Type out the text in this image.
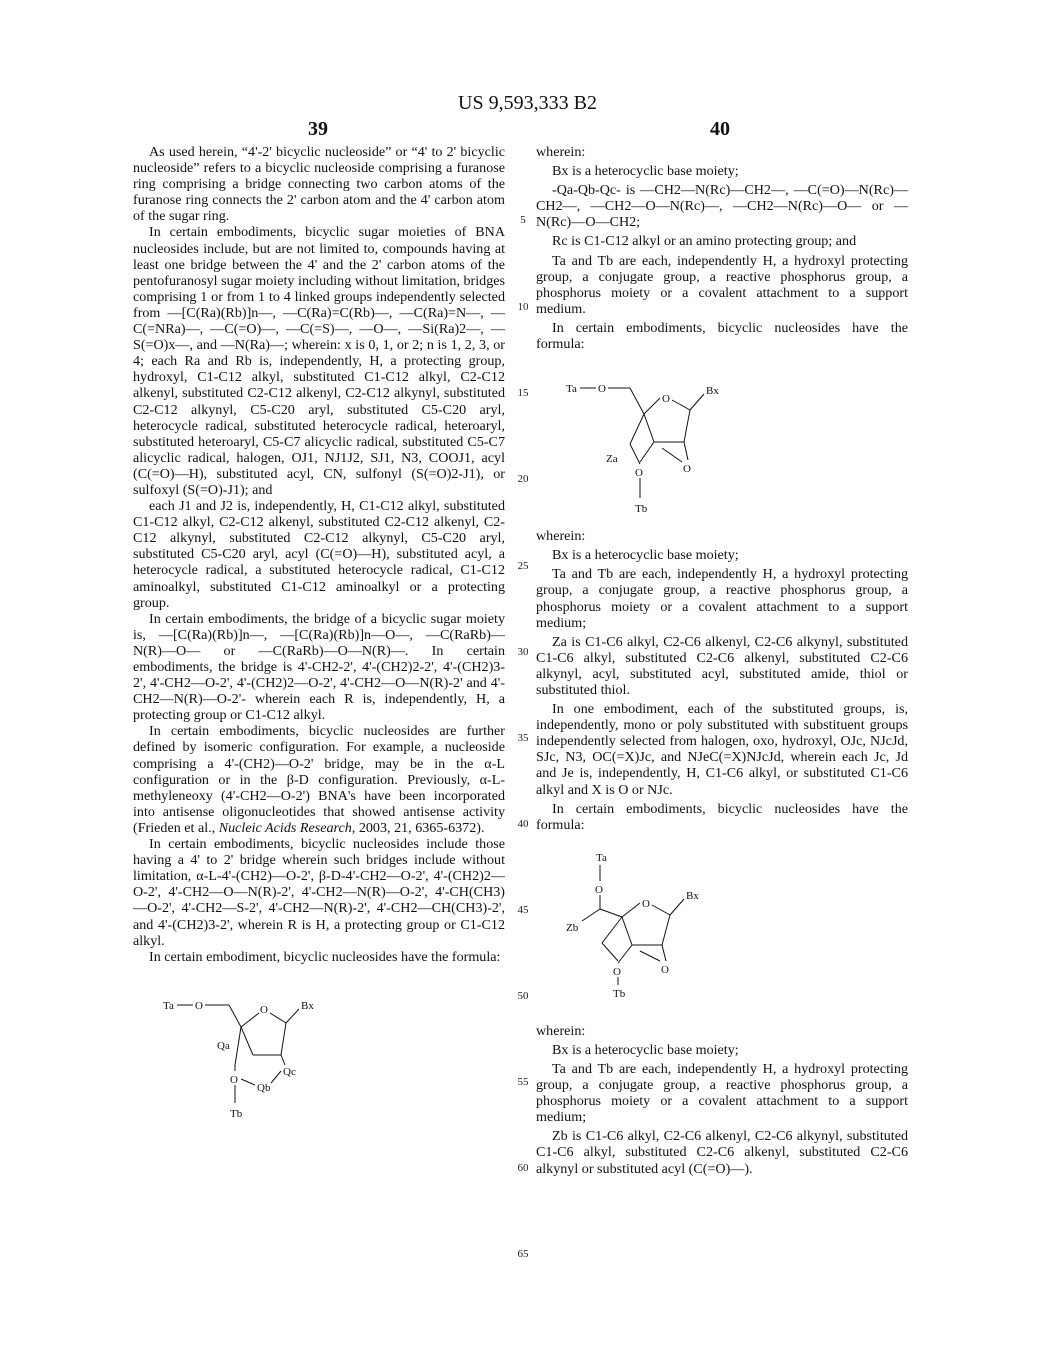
US 9,593,333 B2
39	40
5
10
15
20
25
30
35
40
45
50
55
60
65

As used herein, “4'-2' bicyclic nucleoside” or “4' to 2' bicyclic nucleoside” refers to a bicyclic nucleoside comprising a furanose ring comprising a bridge connecting two carbon atoms of the furanose ring connects the 2' carbon atom and the 4' carbon atom of the sugar ring.

In certain embodiments, bicyclic sugar moieties of BNA nucleosides include, but are not limited to, compounds having at least one bridge between the 4' and the 2' carbon atoms of the pentofuranosyl sugar moiety including without limitation, bridges comprising 1 or from 1 to 4 linked groups independently selected from —[C(Ra)(Rb)]n—, —C(Ra)=C(Rb)—, —C(Ra)=N—, —C(=NRa)—, —C(=O)—, —C(=S)—, —O—, —Si(Ra)2—, —S(=O)x—, and —N(Ra)—; wherein: x is 0, 1, or 2; n is 1, 2, 3, or 4; each Ra and Rb is, independently, H, a protecting group, hydroxyl, C1-C12 alkyl, substituted C1-C12 alkyl, C2-C12 alkenyl, substituted C2-C12 alkenyl, C2-C12 alkynyl, substituted C2-C12 alkynyl, C5-C20 aryl, substituted C5-C20 aryl, heterocycle radical, substituted heterocycle radical, heteroaryl, substituted heteroaryl, C5-C7 alicyclic radical, substituted C5-C7 alicyclic radical, halogen, OJ1, NJ1J2, SJ1, N3, COOJ1, acyl (C(=O)—H), substituted acyl, CN, sulfonyl (S(=O)2-J1), or sulfoxyl (S(=O)-J1); and

each J1 and J2 is, independently, H, C1-C12 alkyl, substituted C1-C12 alkyl, C2-C12 alkenyl, substituted C2-C12 alkenyl, C2-C12 alkynyl, substituted C2-C12 alkynyl, C5-C20 aryl, substituted C5-C20 aryl, acyl (C(=O)—H), substituted acyl, a heterocycle radical, a substituted heterocycle radical, C1-C12 aminoalkyl, substituted C1-C12 aminoalkyl or a protecting group.

In certain embodiments, the bridge of a bicyclic sugar moiety is, —[C(Ra)(Rb)]n—, —[C(Ra)(Rb)]n—O—, —C(RaRb)—N(R)—O— or —C(RaRb)—O—N(R)—. In certain embodiments, the bridge is 4'-CH2-2', 4'-(CH2)2-2', 4'-(CH2)3-2', 4'-CH2—O-2', 4'-(CH2)2—O-2', 4'-CH2—O—N(R)-2' and 4'-CH2—N(R)—O-2'- wherein each R is, independently, H, a protecting group or C1-C12 alkyl.

In certain embodiments, bicyclic nucleosides are further defined by isomeric configuration. For example, a nucleoside comprising a 4'-(CH2)—O-2' bridge, may be in the α-L configuration or in the β-D configuration. Previously, α-L-methyleneoxy (4'-CH2—O-2') BNA's have been incorporated into antisense oligonucleotides that showed antisense activity (Frieden et al., Nucleic Acids Research, 2003, 21, 6365-6372).

In certain embodiments, bicyclic nucleosides include those having a 4' to 2' bridge wherein such bridges include without limitation, α-L-4'-(CH2)—O-2', β-D-4'-CH2—O-2', 4'-(CH2)2—O-2', 4'-CH2—O—N(R)-2', 4'-CH2—N(R)—O-2', 4'-CH(CH3)—O-2', 4'-CH2—S-2', 4'-CH2—N(R)-2', 4'-CH2—CH(CH3)-2', and 4'-(CH2)3-2', wherein R is H, a protecting group or C1-C12 alkyl.

In certain embodiment, bicyclic nucleosides have the formula:

Ta O	O	Bx
Qa
O
Tb
Qb
Qc

wherein:

Bx is a heterocyclic base moiety;

-Qa-Qb-Qc- is —CH2—N(Rc)—CH2—, —C(=O)—N(Rc)—CH2—, —CH2—O—N(Rc)—, —CH2—N(Rc)—O— or —N(Rc)—O—CH2;

Rc is C1-C12 alkyl or an amino protecting group; and

Ta and Tb are each, independently H, a hydroxyl protecting group, a conjugate group, a reactive phosphorus group, a phosphorus moiety or a covalent attachment to a support medium.

In certain embodiments, bicyclic nucleosides have the formula:

Ta O
O
Bx
Za
O
Tb
O

wherein:

Bx is a heterocyclic base moiety;

Ta and Tb are each, independently H, a hydroxyl protecting group, a conjugate group, a reactive phosphorus group, a phosphorus moiety or a covalent attachment to a support medium;

Za is C1-C6 alkyl, C2-C6 alkenyl, C2-C6 alkynyl, substituted C1-C6 alkyl, substituted C2-C6 alkenyl, substituted C2-C6 alkynyl, acyl, substituted acyl, substituted amide, thiol or substituted thiol.

In one embodiment, each of the substituted groups, is, independently, mono or poly substituted with substituent groups independently selected from halogen, oxo, hydroxyl, OJc, NJcJd, SJc, N3, OC(=X)Jc, and NJeC(=X)NJcJd, wherein each Jc, Jd and Je is, independently, H, C1-C6 alkyl, or substituted C1-C6 alkyl and X is O or NJc.

In certain embodiments, bicyclic nucleosides have the formula:

Ta
O
Zb
O
Bx
O
Tb
O

wherein:

Bx is a heterocyclic base moiety;

Ta and Tb are each, independently H, a hydroxyl protecting group, a conjugate group, a reactive phosphorus group, a phosphorus moiety or a covalent attachment to a support medium;

Zb is C1-C6 alkyl, C2-C6 alkenyl, C2-C6 alkynyl, substituted C1-C6 alkyl, substituted C2-C6 alkenyl, substituted C2-C6 alkynyl or substituted acyl (C(=O)—).
